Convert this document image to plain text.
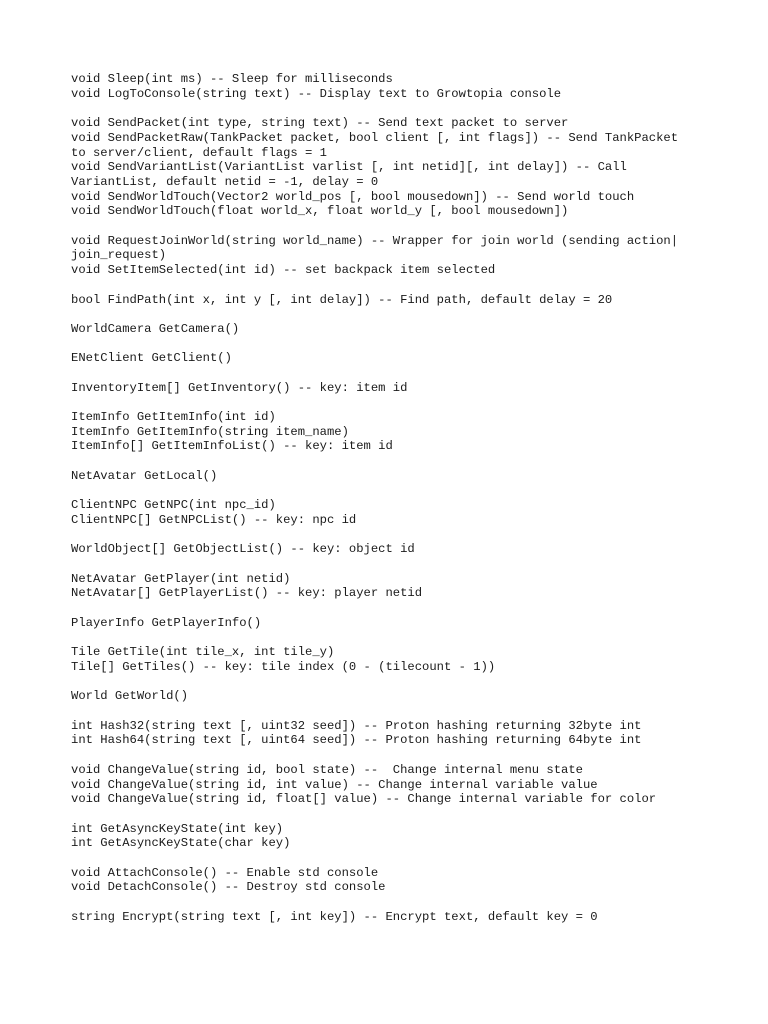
void Sleep(int ms) -- Sleep for milliseconds
void LogToConsole(string text) -- Display text to Growtopia console
void SendPacket(int type, string text) -- Send text packet to server
void SendPacketRaw(TankPacket packet, bool client [, int flags]) -- Send TankPacket
to server/client, default flags = 1
void SendVariantList(VariantList varlist [, int netid][, int delay]) -- Call
VariantList, default netid = -1, delay = 0
void SendWorldTouch(Vector2 world_pos [, bool mousedown]) -- Send world touch
void SendWorldTouch(float world_x, float world_y [, bool mousedown])
void RequestJoinWorld(string world_name) -- Wrapper for join world (sending action|
join_request)
void SetItemSelected(int id) -- set backpack item selected
bool FindPath(int x, int y [, int delay]) -- Find path, default delay = 20
WorldCamera GetCamera()
ENetClient GetClient()
InventoryItem[] GetInventory() -- key: item id
ItemInfo GetItemInfo(int id)
ItemInfo GetItemInfo(string item_name)
ItemInfo[] GetItemInfoList() -- key: item id
NetAvatar GetLocal()
ClientNPC GetNPC(int npc_id)
ClientNPC[] GetNPCList() -- key: npc id
WorldObject[] GetObjectList() -- key: object id
NetAvatar GetPlayer(int netid)
NetAvatar[] GetPlayerList() -- key: player netid
PlayerInfo GetPlayerInfo()
Tile GetTile(int tile_x, int tile_y)
Tile[] GetTiles() -- key: tile index (0 - (tilecount - 1))
World GetWorld()
int Hash32(string text [, uint32 seed]) -- Proton hashing returning 32byte int
int Hash64(string text [, uint64 seed]) -- Proton hashing returning 64byte int
void ChangeValue(string id, bool state) --  Change internal menu state
void ChangeValue(string id, int value) -- Change internal variable value
void ChangeValue(string id, float[] value) -- Change internal variable for color
int GetAsyncKeyState(int key)
int GetAsyncKeyState(char key)
void AttachConsole() -- Enable std console
void DetachConsole() -- Destroy std console
string Encrypt(string text [, int key]) -- Encrypt text, default key = 0
